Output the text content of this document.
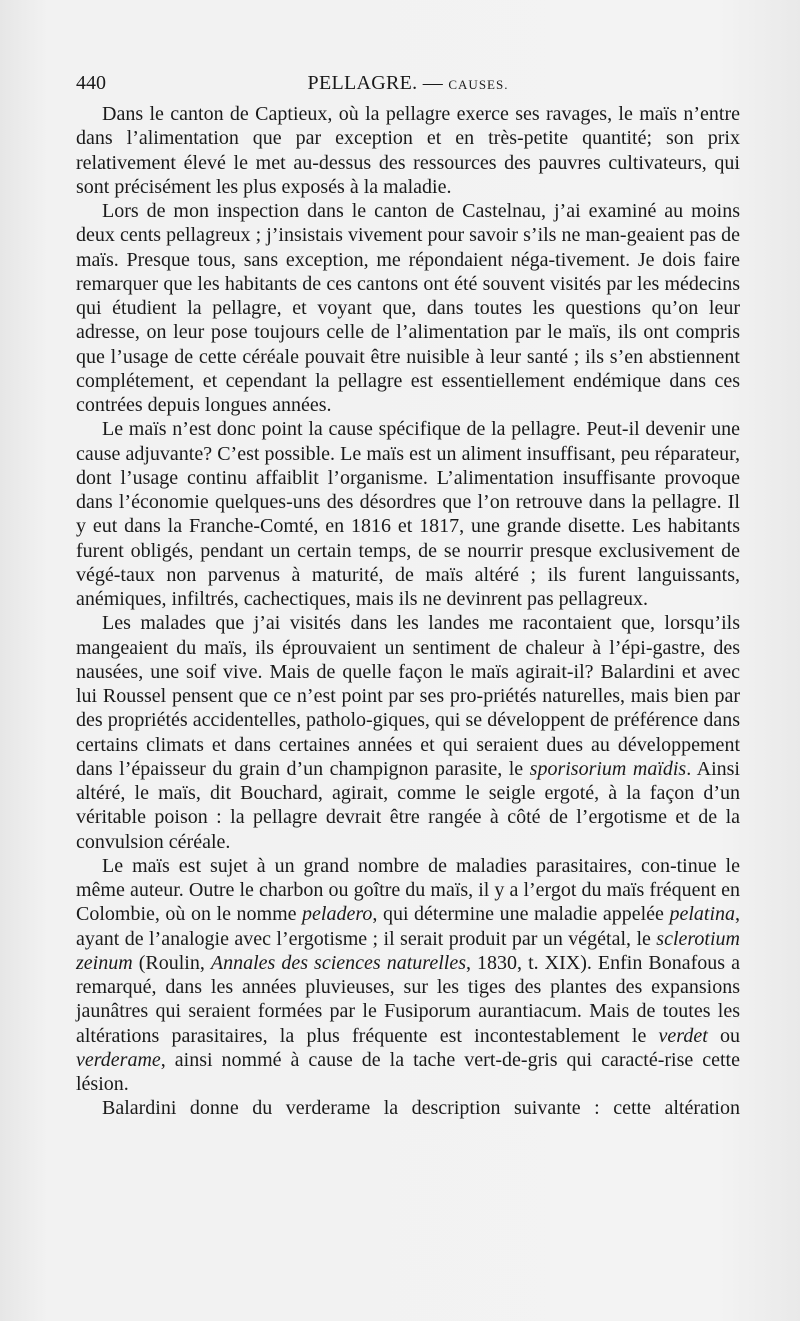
440	PELLAGRE. — CAUSES.

Dans le canton de Captieux, où la pellagre exerce ses ravages, le maïs n’entre dans l’alimentation que par exception et en très-petite quantité; son prix relativement élevé le met au-dessus des ressources des pauvres cultivateurs, qui sont précisément les plus exposés à la maladie.

Lors de mon inspection dans le canton de Castelnau, j’ai examiné au moins deux cents pellagreux ; j’insistais vivement pour savoir s’ils ne man-geaient pas de maïs. Presque tous, sans exception, me répondaient néga-tivement. Je dois faire remarquer que les habitants de ces cantons ont été souvent visités par les médecins qui étudient la pellagre, et voyant que, dans toutes les questions qu’on leur adresse, on leur pose toujours celle de l’alimentation par le maïs, ils ont compris que l’usage de cette céréale pouvait être nuisible à leur santé ; ils s’en abstiennent complétement, et cependant la pellagre est essentiellement endémique dans ces contrées depuis longues années.

Le maïs n’est donc point la cause spécifique de la pellagre. Peut-il devenir une cause adjuvante? C’est possible. Le maïs est un aliment insuffisant, peu réparateur, dont l’usage continu affaiblit l’organisme. L’alimentation insuffisante provoque dans l’économie quelques-uns des désordres que l’on retrouve dans la pellagre. Il y eut dans la Franche-Comté, en 1816 et 1817, une grande disette. Les habitants furent obligés, pendant un certain temps, de se nourrir presque exclusivement de végé-taux non parvenus à maturité, de maïs altéré ; ils furent languissants, anémiques, infiltrés, cachectiques, mais ils ne devinrent pas pellagreux.

Les malades que j’ai visités dans les landes me racontaient que, lorsqu’ils mangeaient du maïs, ils éprouvaient un sentiment de chaleur à l’épi-gastre, des nausées, une soif vive. Mais de quelle façon le maïs agirait-il? Balardini et avec lui Roussel pensent que ce n’est point par ses pro-priétés naturelles, mais bien par des propriétés accidentelles, patholo-giques, qui se développent de préférence dans certains climats et dans certaines années et qui seraient dues au développement dans l’épaisseur du grain d’un champignon parasite, le sporisorium maïdis. Ainsi altéré, le maïs, dit Bouchard, agirait, comme le seigle ergoté, à la façon d’un véritable poison : la pellagre devrait être rangée à côté de l’ergotisme et de la convulsion céréale.

Le maïs est sujet à un grand nombre de maladies parasitaires, con-tinue le même auteur. Outre le charbon ou goître du maïs, il y a l’ergot du maïs fréquent en Colombie, où on le nomme peladero, qui détermine une maladie appelée pelatina, ayant de l’analogie avec l’ergotisme ; il serait produit par un végétal, le sclerotium zeinum (Roulin, Annales des sciences naturelles, 1830, t. XIX). Enfin Bonafous a remarqué, dans les années pluvieuses, sur les tiges des plantes des expansions jaunâtres qui seraient formées par le Fusiporum aurantiacum. Mais de toutes les altérations parasitaires, la plus fréquente est incontestablement le verdet ou verderame, ainsi nommé à cause de la tache vert-de-gris qui caracté-rise cette lésion.

Balardini donne du verderame la description suivante : cette altération
